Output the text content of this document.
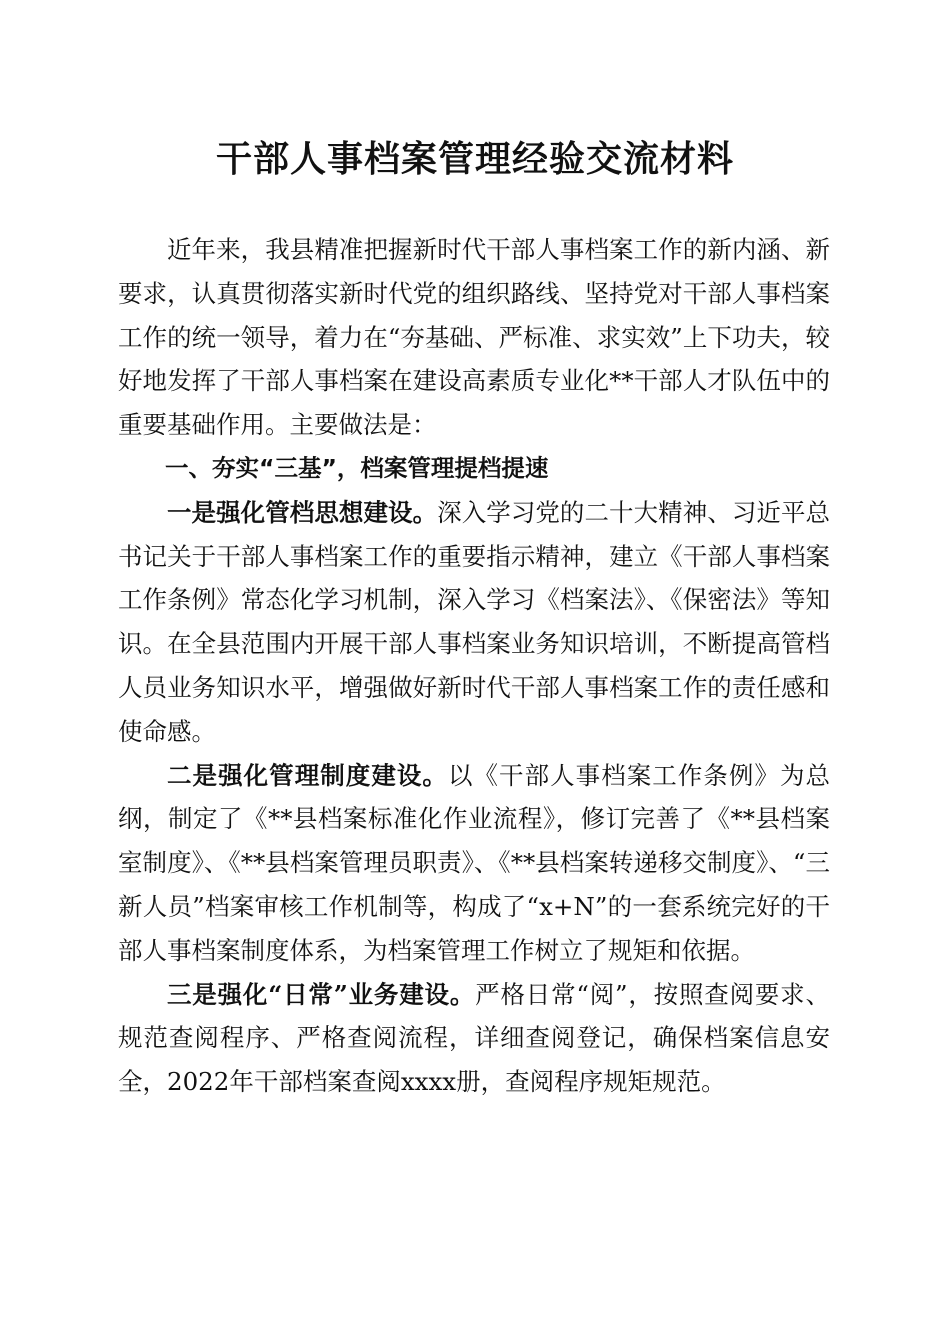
干部人事档案管理经验交流材料

近年来，我县精准把握新时代干部人事档案工作的新内涵、新要求，认真贯彻落实新时代党的组织路线、坚持党对干部人事档案工作的统一领导，着力在“夯基础、严标准、求实效”上下功夫，较好地发挥了干部人事档案在建设高素质专业化**干部人才队伍中的重要基础作用。主要做法是：

一、夯实“三基”，档案管理提档提速

一是强化管档思想建设。深入学习党的二十大精神、习近平总书记关于干部人事档案工作的重要指示精神，建立《干部人事档案工作条例》常态化学习机制，深入学习《档案法》、《保密法》等知识。在全县范围内开展干部人事档案业务知识培训，不断提高管档人员业务知识水平，增强做好新时代干部人事档案工作的责任感和使命感。

二是强化管理制度建设。以《干部人事档案工作条例》为总纲，制定了《**县档案标准化作业流程》，修订完善了《**县档案室制度》、《**县档案管理员职责》、《**县档案转递移交制度》、“三新人员”档案审核工作机制等，构成了“x+N”的一套系统完好的干部人事档案制度体系，为档案管理工作树立了规矩和依据。

三是强化“日常”业务建设。严格日常“阅”，按照查阅要求、规范查阅程序、严格查阅流程，详细查阅登记，确保档案信息安全，2022年干部档案查阅xxxx册，查阅程序规矩规范。
